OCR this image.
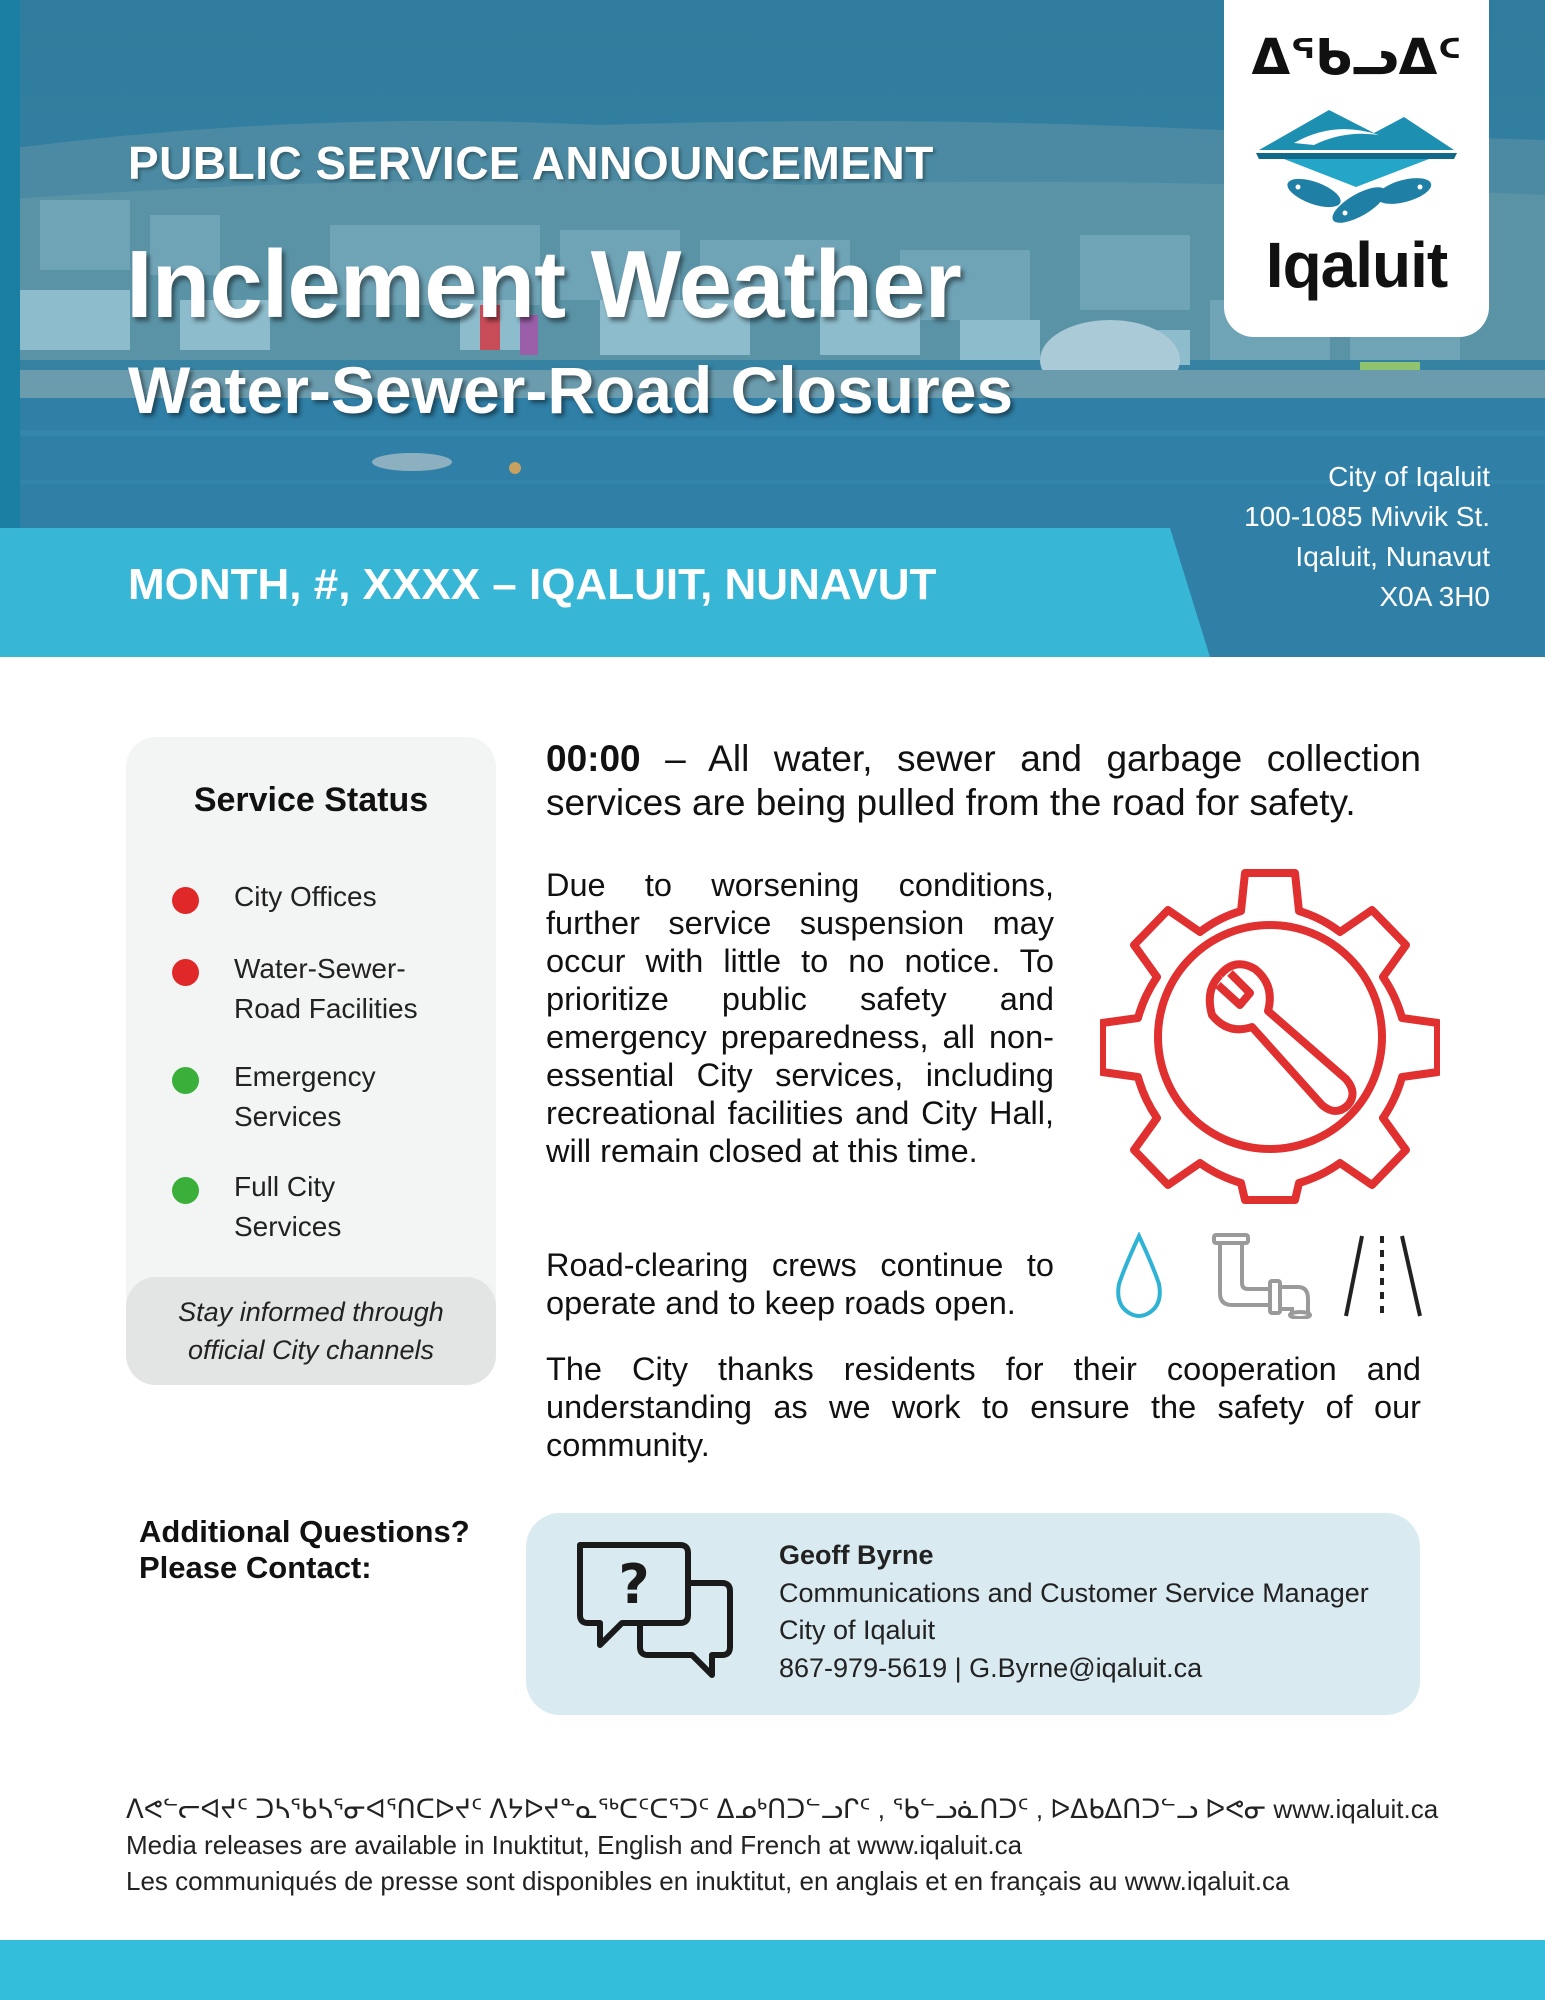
PUBLIC SERVICE ANNOUNCEMENT
Inclement Weather
Water-Sewer-Road Closures
MONTH, #, XXXX – IQALUIT, NUNAVUT
City of Iqaluit
100-1085 Mivvik St.
Iqaluit, Nunavut
X0A 3H0
ᐃᖃᓗᐃᑦ
Iqaluit
Service Status
City Offices
Water-Sewer-Road Facilities
Emergency Services
Full City Services
Stay informed through official City channels
00:00 – All water, sewer and garbage collection services are being pulled from the road for safety.
Due to worsening conditions, further service suspension may occur with little to no notice. To prioritize public safety and emergency preparedness, all non-essential City services, including recreational facilities and City Hall, will remain closed at this time.
Road-clearing crews continue to operate and to keep roads open.
The City thanks residents for their cooperation and understanding as we work to ensure the safety of our community.
Additional Questions?
Please Contact:	?	Geoff Byrne
Communications and Customer Service Manager
City of Iqaluit
867-979-5619 | G.Byrne@iqaluit.ca
ᐱᕙᓪᓕᐊᔪᑦ ᑐᓴᖃᓴᕐᓂᐊᕐᑎᑕᐅᔪᑦ ᐱᔭᐅᔪᓐᓇᖅᑕᑦᑕᕐᑐᑦ ᐃᓄᒃᑎᑐᓪᓗᒋᑦ , ᖃᓪᓗᓈᑎᑐᑦ , ᐅᐃᑲᐃᑎᑐᓪᓗ ᐅᕙᓂ www.iqaluit.ca
Media releases are available in Inuktitut, English and French at www.iqaluit.ca
Les communiqués de presse sont disponibles en inuktitut, en anglais et en français au www.iqaluit.ca
